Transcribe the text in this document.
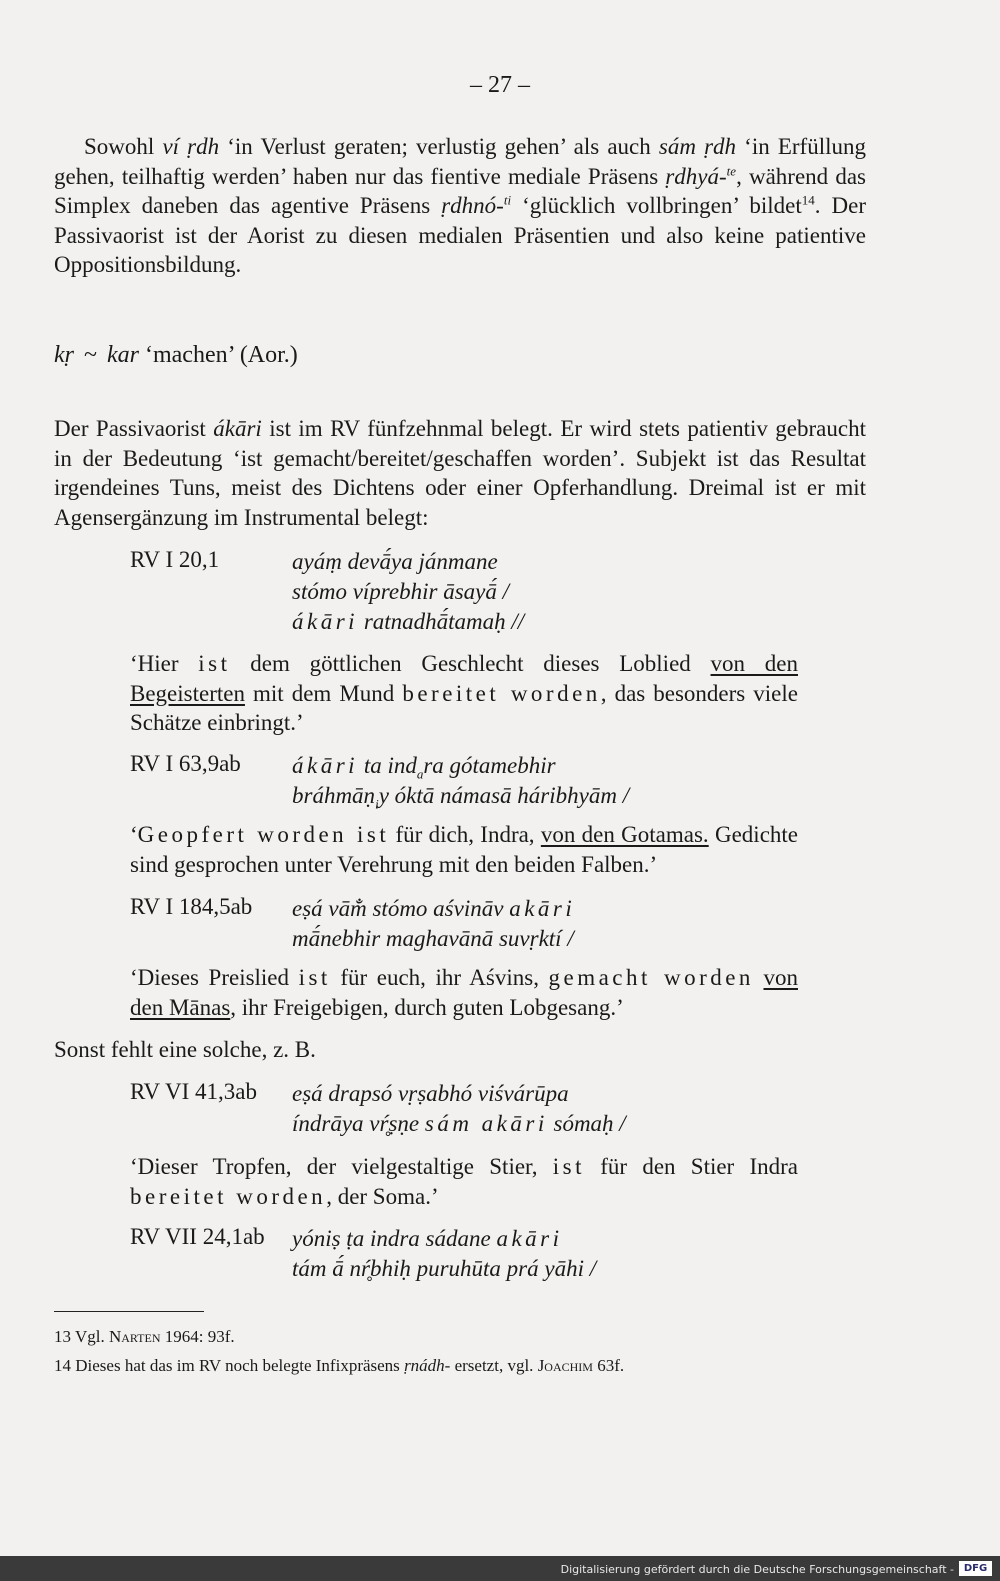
– 27 –
Sowohl ví ṛdh ‘in Verlust geraten; verlustig gehen’ als auch sám ṛdh ‘in Erfüllung gehen, teilhaftig werden’ haben nur das fientive mediale Präsens ṛdhyá-$^{te}$, während das Simplex daneben das agentive Präsens ṛdhnó-$^{ti}$ ‘glücklich vollbringen’ bildet$^{14}$. Der Passivaorist ist der Aorist zu diesen medialen Präsentien und also keine patientive Oppositionsbildung.
kṛ ~ kar ‘machen’ (Aor.)
Der Passivaorist ákāri ist im RV fünfzehnmal belegt. Er wird stets patientiv gebraucht in der Bedeutung ‘ist gemacht/bereitet/geschaffen worden’. Subjekt ist das Resultat irgendeines Tuns, meist des Dichtens oder einer Opferhandlung. Dreimal ist er mit Agensergänzung im Instrumental belegt:
RV I 20,1	ayáṃ devā́ya jánmane
stómo víprebhir āsayā́ /
ákāri ratnadhā́tamaḥ //
‘Hier ist dem göttlichen Geschlecht dieses Loblied von den Begeisterten mit dem Mund bereitet worden, das besonders viele Schätze einbringt.’
RV I 63,9ab ákāri ta ind$_a$ra gótamebhir
bráhmāṇ$_i$y óktā námasā háribhyām /
‘Geopfert worden ist für dich, Indra, von den Gotamas. Gedichte sind gesprochen unter Verehrung mit den beiden Falben.’
RV I 184,5ab eṣá vām̐ stómo aśvināv akāri
mā́nebhir maghavānā suvṛktí /
‘Dieses Preislied ist für euch, ihr Aśvins, gemacht worden von den Mānas, ihr Freigebigen, durch guten Lobgesang.’
Sonst fehlt eine solche, z. B.
RV VI 41,3ab eṣá drapsó vṛṣabhó viśvárūpa
índrāya vŕ̥ṣṇe sám akāri sómaḥ /
‘Dieser Tropfen, der vielgestaltige Stier, ist für den Stier Indra bereitet worden, der Soma.’
RV VII 24,1ab yóniṣ ṭa indra sádane akāri
tám ā́ nŕ̥bhiḥ puruhūta prá yāhi /
13 Vgl. Narten 1964: 93f.
14 Dieses hat das im RV noch belegte Infixpräsens ṛnádh- ersetzt, vgl. Joachim 63f.
Digitalisierung gefördert durch die Deutsche Forschungsgemeinschaft - DFG
